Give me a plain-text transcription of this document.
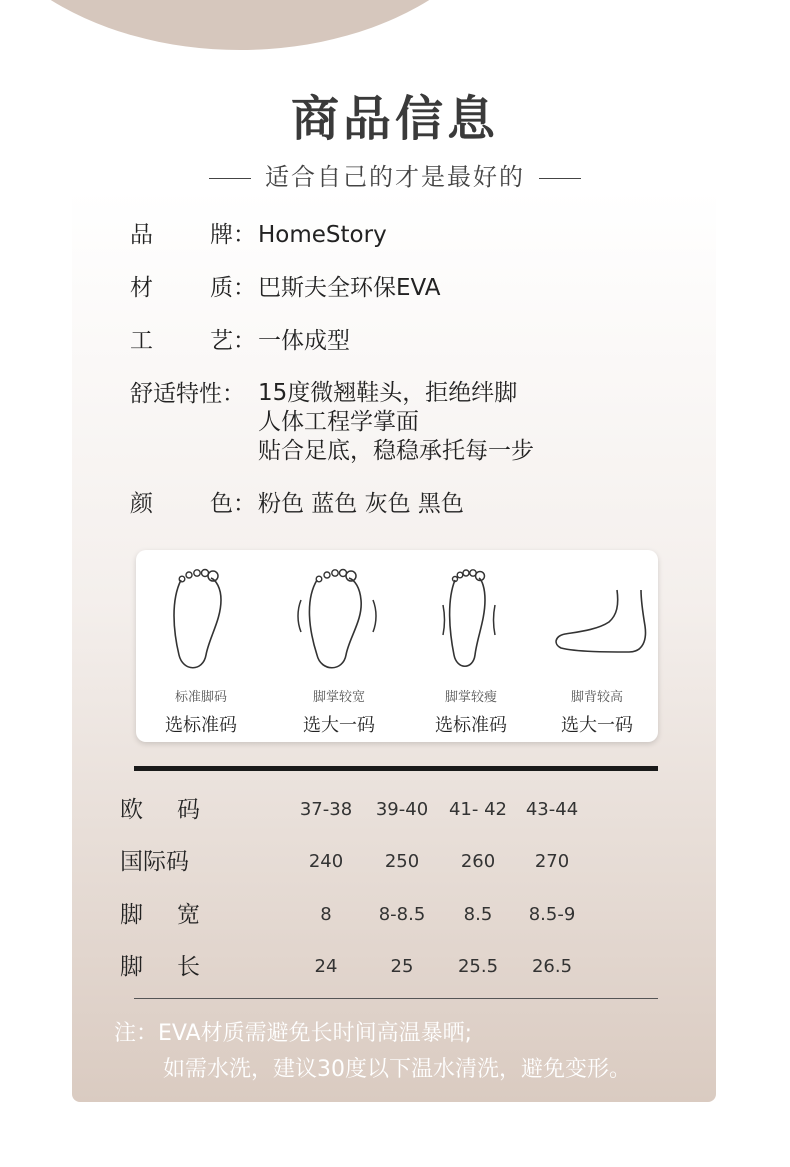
商品信息
适合自己的才是最好的
品 牌： HomeStory
材 质： 巴斯夫全环保EVA
工 艺： 一体成型
舒适特性： 15度微翘鞋头，拒绝绊脚
人体工程学掌面
贴合足底，稳稳承托每一步
颜 色： 粉色 蓝色 灰色 黑色
标准脚码
选标准码
脚掌较宽
选大一码
脚掌较瘦
选标准码
脚背较高
选大一码
欧 码	37-38	39-40	41- 42	43-44
国际码	240	250	260	270
脚 宽	8	8-8.5	8.5	8.5-9
脚 长	24	25	25.5	26.5
注：EVA材质需避免长时间高温暴晒;
如需水洗，建议30度以下温水清洗，避免变形。
